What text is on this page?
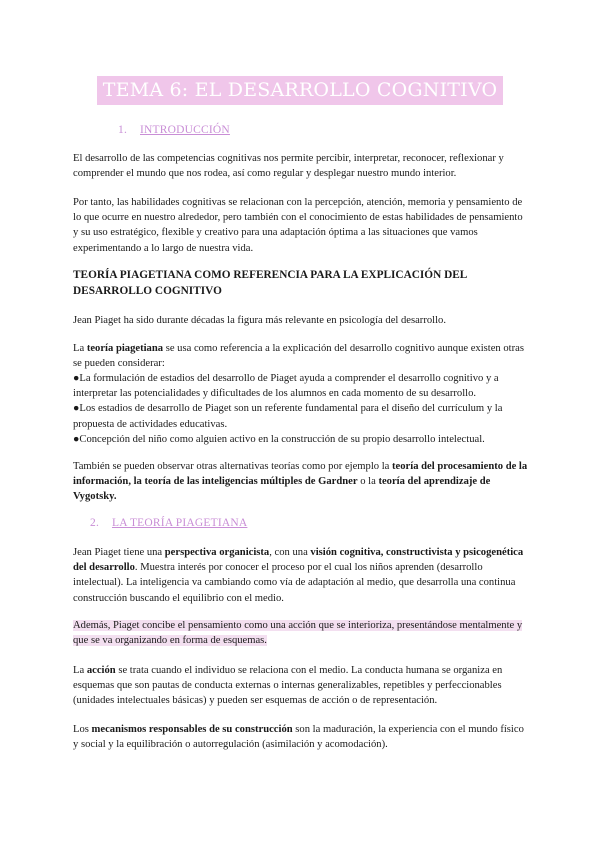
TEMA 6: EL DESARROLLO COGNITIVO
1. INTRODUCCIÓN

El desarrollo de las competencias cognitivas nos permite percibir, interpretar, reconocer, reflexionar y comprender el mundo que nos rodea, así como regular y desplegar nuestro mundo interior.

Por tanto, las habilidades cognitivas se relacionan con la percepción, atención, memoria y pensamiento de lo que ocurre en nuestro alrededor, pero también con el conocimiento de estas habilidades de pensamiento y su uso estratégico, flexible y creativo para una adaptación óptima a las situaciones que vamos experimentando a lo largo de nuestra vida.

TEORÍA PIAGETIANA COMO REFERENCIA PARA LA EXPLICACIÓN DEL DESARROLLO COGNITIVO

Jean Piaget ha sido durante décadas la figura más relevante en psicología del desarrollo.

La teoría piagetiana se usa como referencia a la explicación del desarrollo cognitivo aunque existen otras se pueden considerar:

●La formulación de estadios del desarrollo de Piaget ayuda a comprender el desarrollo cognitivo y a interpretar las potencialidades y dificultades de los alumnos en cada momento de su desarrollo.
●Los estadios de desarrollo de Piaget son un referente fundamental para el diseño del currículum y la propuesta de actividades educativas.
●Concepción del niño como alguien activo en la construcción de su propio desarrollo intelectual.

También se pueden observar otras alternativas teorías como por ejemplo la teoría del procesamiento de la información, la teoría de las inteligencias múltiples de Gardner o la teoría del aprendizaje de Vygotsky.

2. LA TEORÍA PIAGETIANA

Jean Piaget tiene una perspectiva organicista, con una visión cognitiva, constructivista y psicogenética del desarrollo. Muestra interés por conocer el proceso por el cual los niños aprenden (desarrollo intelectual). La inteligencia va cambiando como vía de adaptación al medio, que desarrolla una continua construcción buscando el equilibrio con el medio.

Además, Piaget concibe el pensamiento como una acción que se interioriza, presentándose mentalmente y que se va organizando en forma de esquemas.

La acción se trata cuando el individuo se relaciona con el medio. La conducta humana se organiza en esquemas que son pautas de conducta externas o internas generalizables, repetibles y perfeccionables (unidades intelectuales básicas) y pueden ser esquemas de acción o de representación.

Los mecanismos responsables de su construcción son la maduración, la experiencia con el mundo físico y social y la equilibración o autorregulación (asimilación y acomodación).
